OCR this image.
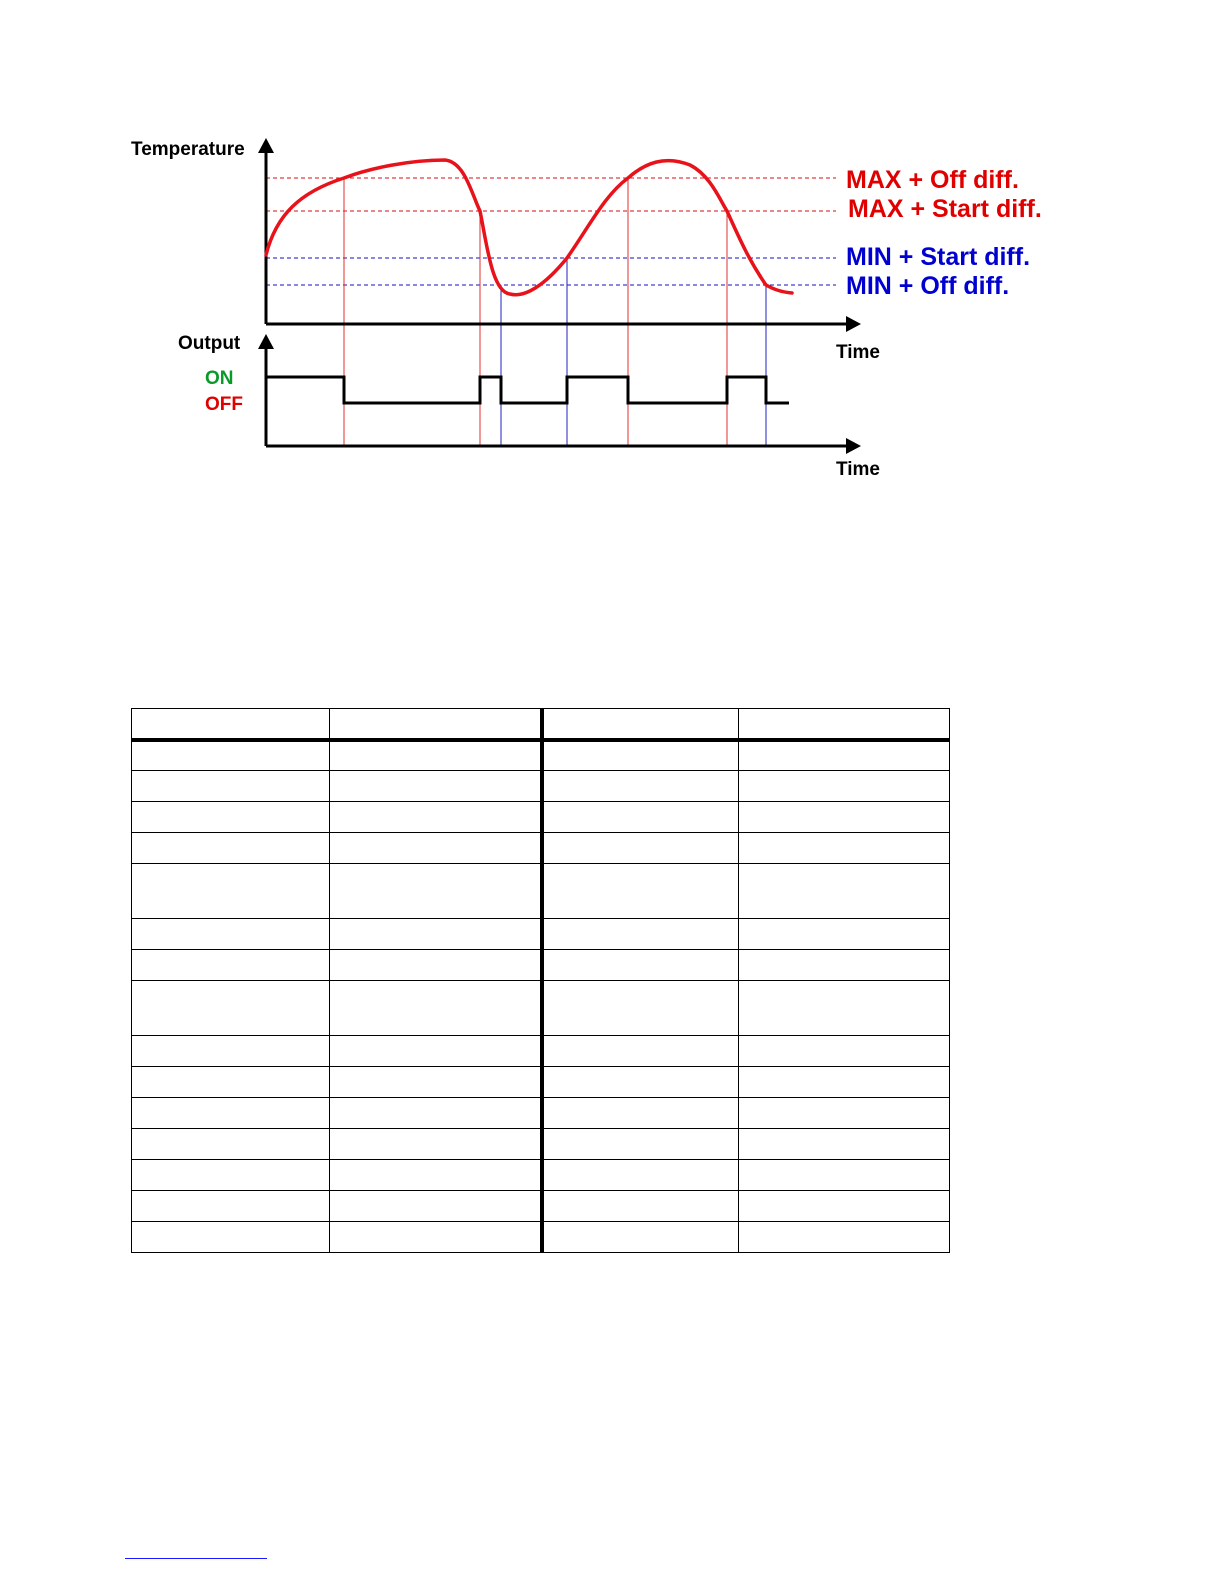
Temperature
Time
Output
ON
OFF
Time
MAX + Off diff.
MAX + Start diff.
MIN + Start diff.
MIN + Off diff.
